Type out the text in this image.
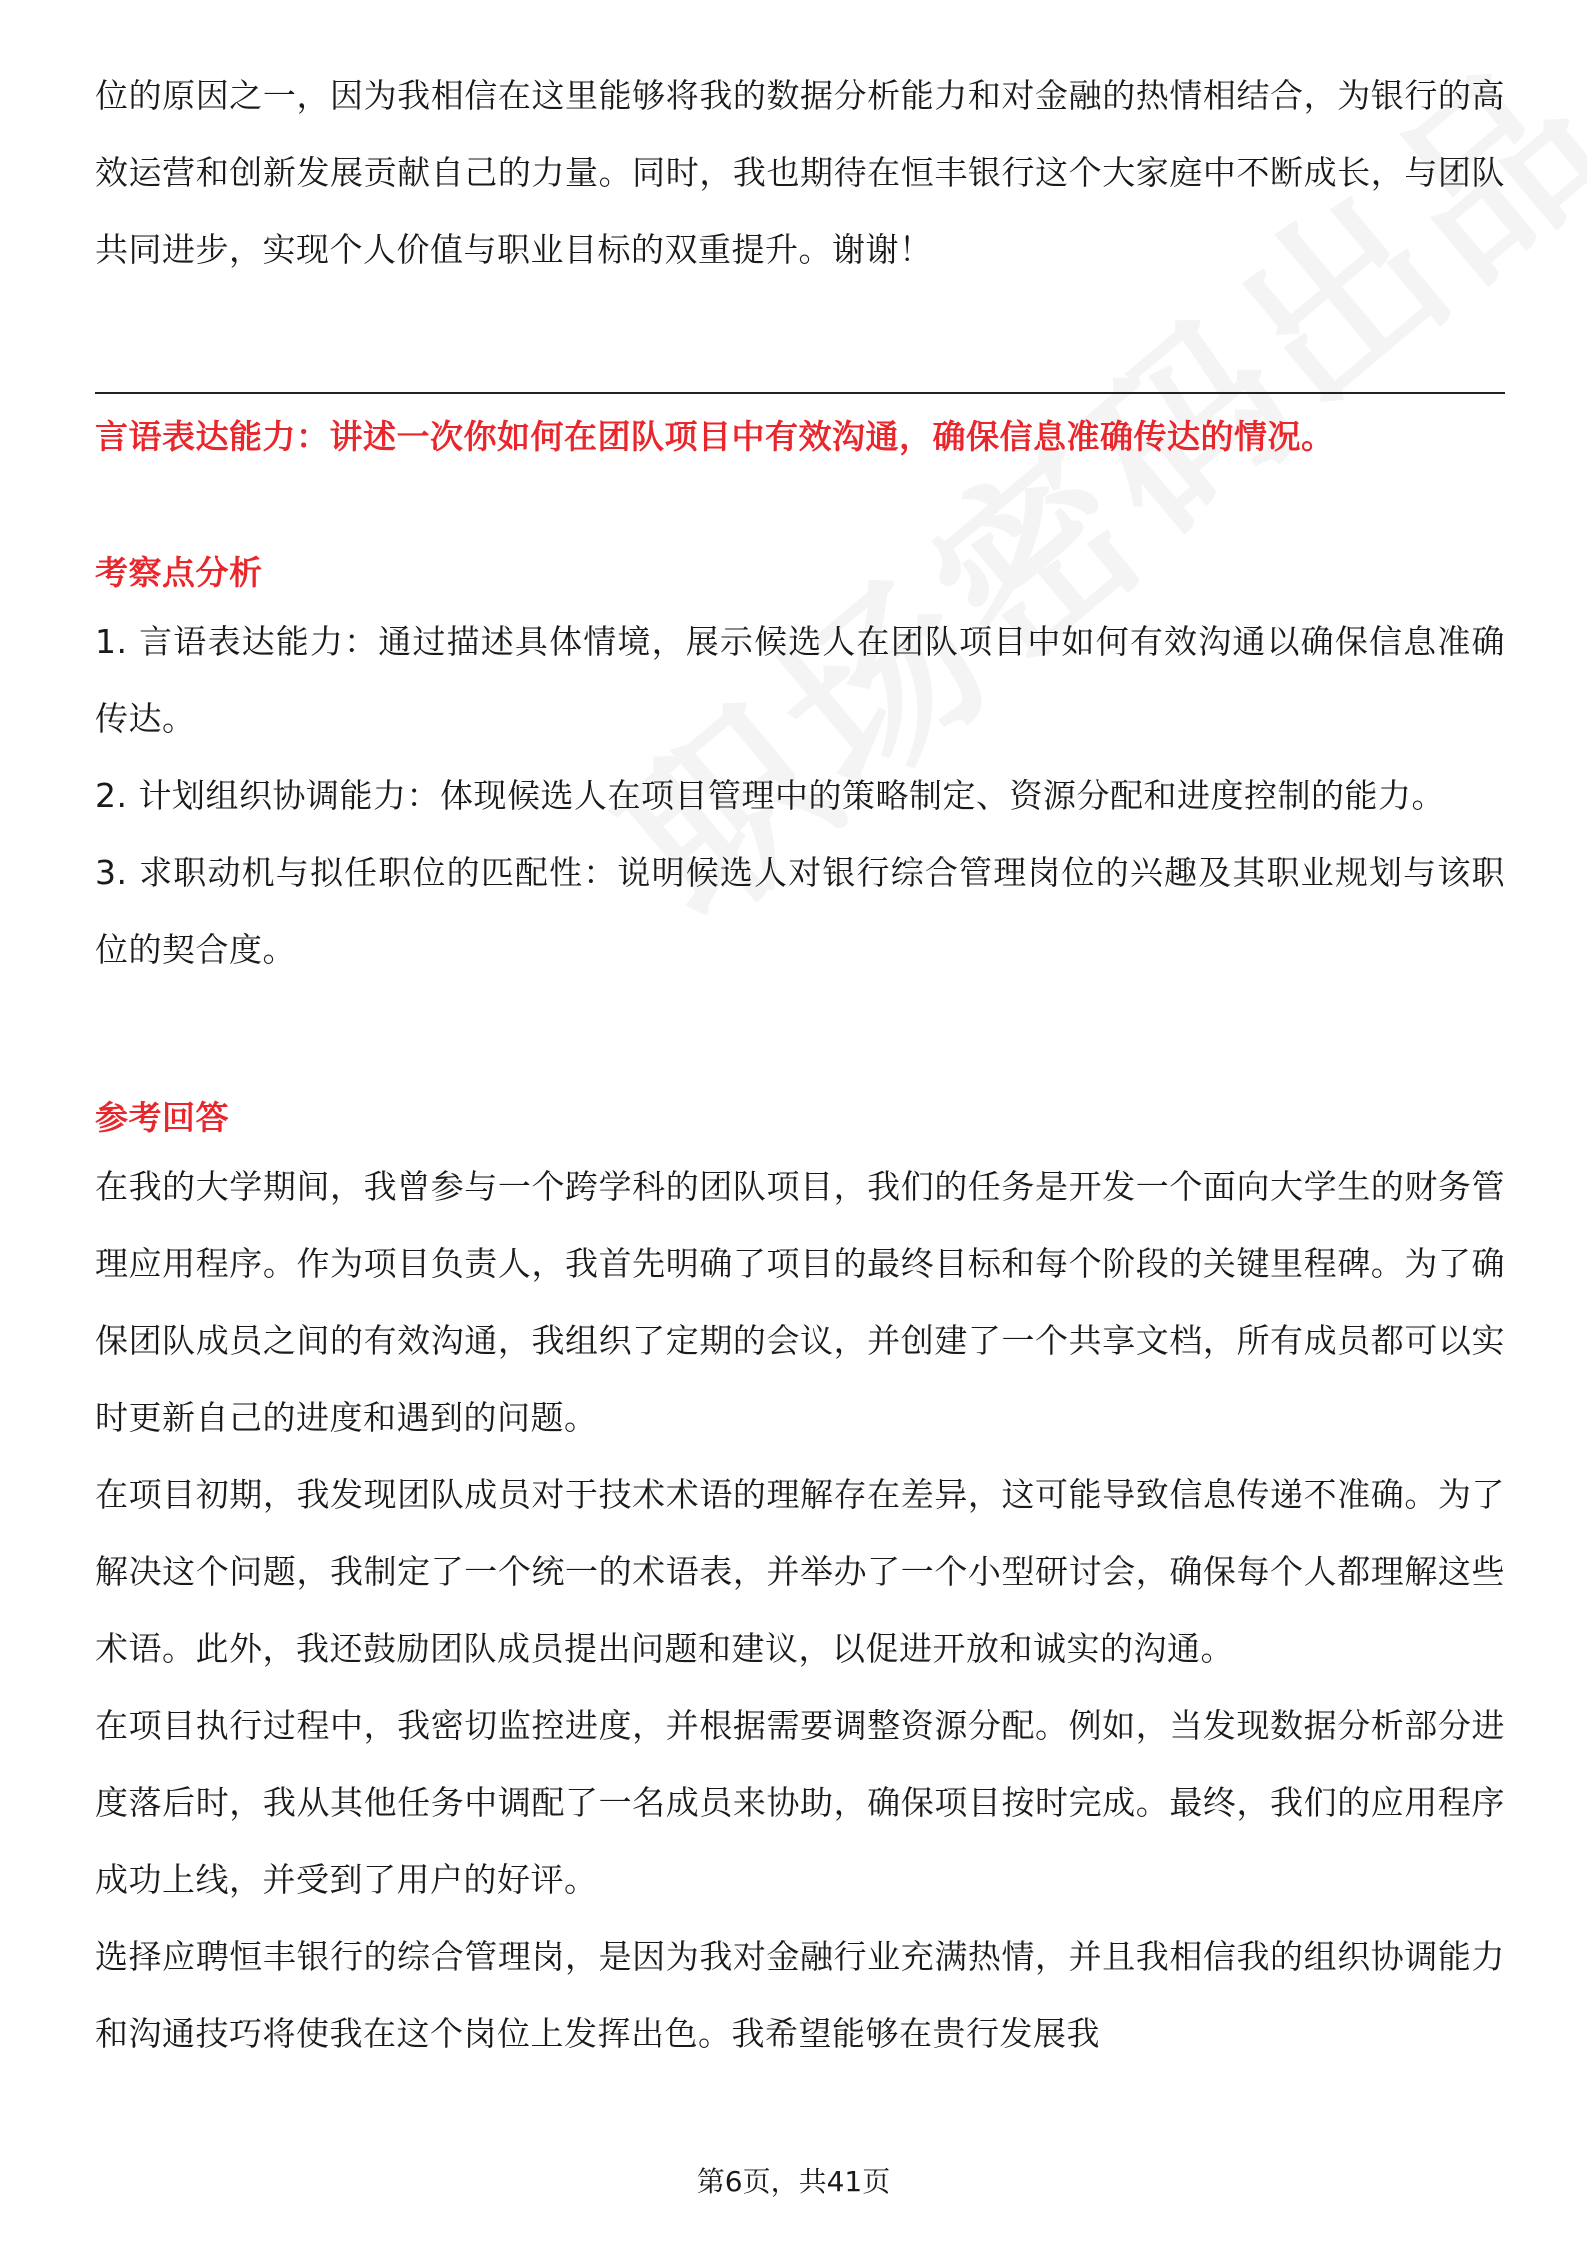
位的原因之一，因为我相信在这里能够将我的数据分析能力和对金融的热情相结合，为银行的高效运营和创新发展贡献自己的力量。同时，我也期待在恒丰银行这个大家庭中不断成长，与团队共同进步，实现个人价值与职业目标的双重提升。谢谢！

言语表达能力：讲述一次你如何在团队项目中有效沟通，确保信息准确传达的情况。

考察点分析

1. 言语表达能力：通过描述具体情境，展示候选人在团队项目中如何有效沟通以确保信息准确传达。

2. 计划组织协调能力：体现候选人在项目管理中的策略制定、资源分配和进度控制的能力。

3. 求职动机与拟任职位的匹配性：说明候选人对银行综合管理岗位的兴趣及其职业规划与该职位的契合度。

参考回答

在我的大学期间，我曾参与一个跨学科的团队项目，我们的任务是开发一个面向大学生的财务管理应用程序。作为项目负责人，我首先明确了项目的最终目标和每个阶段的关键里程碑。为了确保团队成员之间的有效沟通，我组织了定期的会议，并创建了一个共享文档，所有成员都可以实时更新自己的进度和遇到的问题。

在项目初期，我发现团队成员对于技术术语的理解存在差异，这可能导致信息传递不准确。为了解决这个问题，我制定了一个统一的术语表，并举办了一个小型研讨会，确保每个人都理解这些术语。此外，我还鼓励团队成员提出问题和建议，以促进开放和诚实的沟通。

在项目执行过程中，我密切监控进度，并根据需要调整资源分配。例如，当发现数据分析部分进度落后时，我从其他任务中调配了一名成员来协助，确保项目按时完成。最终，我们的应用程序成功上线，并受到了用户的好评。

选择应聘恒丰银行的综合管理岗，是因为我对金融行业充满热情，并且我相信我的组织协调能力和沟通技巧将使我在这个岗位上发挥出色。我希望能够在贵行发展我

第6页，共41页
